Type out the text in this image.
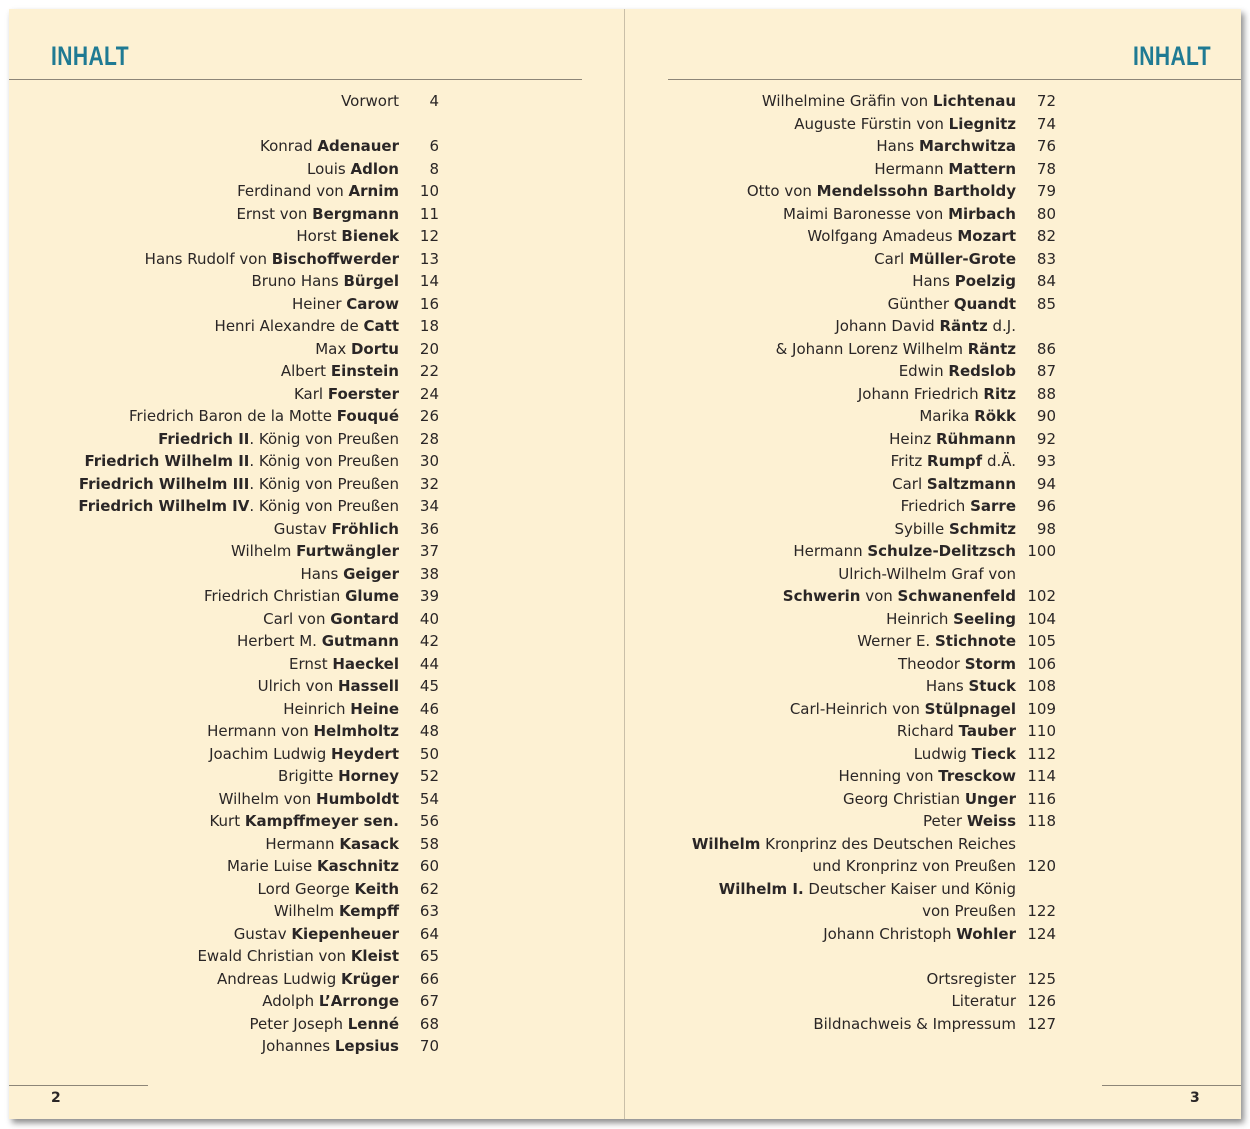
INHALT	INHALT
Vorwort	4
Konrad Adenauer	6
Louis Adlon	8
Ferdinand von Arnim	10
Ernst von Bergmann	11
Horst Bienek	12
Hans Rudolf von Bischoffwerder	13
Bruno Hans Bürgel	14
Heiner Carow	16
Henri Alexandre de Catt	18
Max Dortu	20
Albert Einstein	22
Karl Foerster	24
Friedrich Baron de la Motte Fouqué	26
Friedrich II. König von Preußen	28
Friedrich Wilhelm II. König von Preußen	30
Friedrich Wilhelm III. König von Preußen	32
Friedrich Wilhelm IV. König von Preußen	34
Gustav Fröhlich	36
Wilhelm Furtwängler	37
Hans Geiger	38
Friedrich Christian Glume	39
Carl von Gontard	40
Herbert M. Gutmann	42
Ernst Haeckel	44
Ulrich von Hassell	45
Heinrich Heine	46
Hermann von Helmholtz	48
Joachim Ludwig Heydert	50
Brigitte Horney	52
Wilhelm von Humboldt	54
Kurt Kampffmeyer sen.	56
Hermann Kasack	58
Marie Luise Kaschnitz	60
Lord George Keith	62
Wilhelm Kempff	63
Gustav Kiepenheuer	64
Ewald Christian von Kleist	65
Andreas Ludwig Krüger	66
Adolph L’Arronge	67
Peter Joseph Lenné	68
Johannes Lepsius	70
Wilhelmine Gräfin von Lichtenau	72
Auguste Fürstin von Liegnitz	74
Hans Marchwitza	76
Hermann Mattern	78
Otto von Mendelssohn Bartholdy	79
Maimi Baronesse von Mirbach	80
Wolfgang Amadeus Mozart	82
Carl Müller-Grote	83
Hans Poelzig	84
Günther Quandt	85
Johann David Räntz d.J.
& Johann Lorenz Wilhelm Räntz	86
Edwin Redslob	87
Johann Friedrich Ritz	88
Marika Rökk	90
Heinz Rühmann	92
Fritz Rumpf d.Ä.	93
Carl Saltzmann	94
Friedrich Sarre	96
Sybille Schmitz	98
Hermann Schulze-Delitzsch 100
Ulrich-Wilhelm Graf von
Schwerin von Schwanenfeld 102
Heinrich Seeling 104
Werner E. Stichnote 105
Theodor Storm 106
Hans Stuck 108
Carl-Heinrich von Stülpnagel 109
Richard Tauber 110
Ludwig Tieck 112
Henning von Tresckow 114
Georg Christian Unger 116
Peter Weiss 118
Wilhelm Kronprinz des Deutschen Reiches
und Kronprinz von Preußen 120
Wilhelm I. Deutscher Kaiser und König
von Preußen 122
Johann Christoph Wohler 124
Ortsregister 125
Literatur 126
Bildnachweis & Impressum 127
2	3
